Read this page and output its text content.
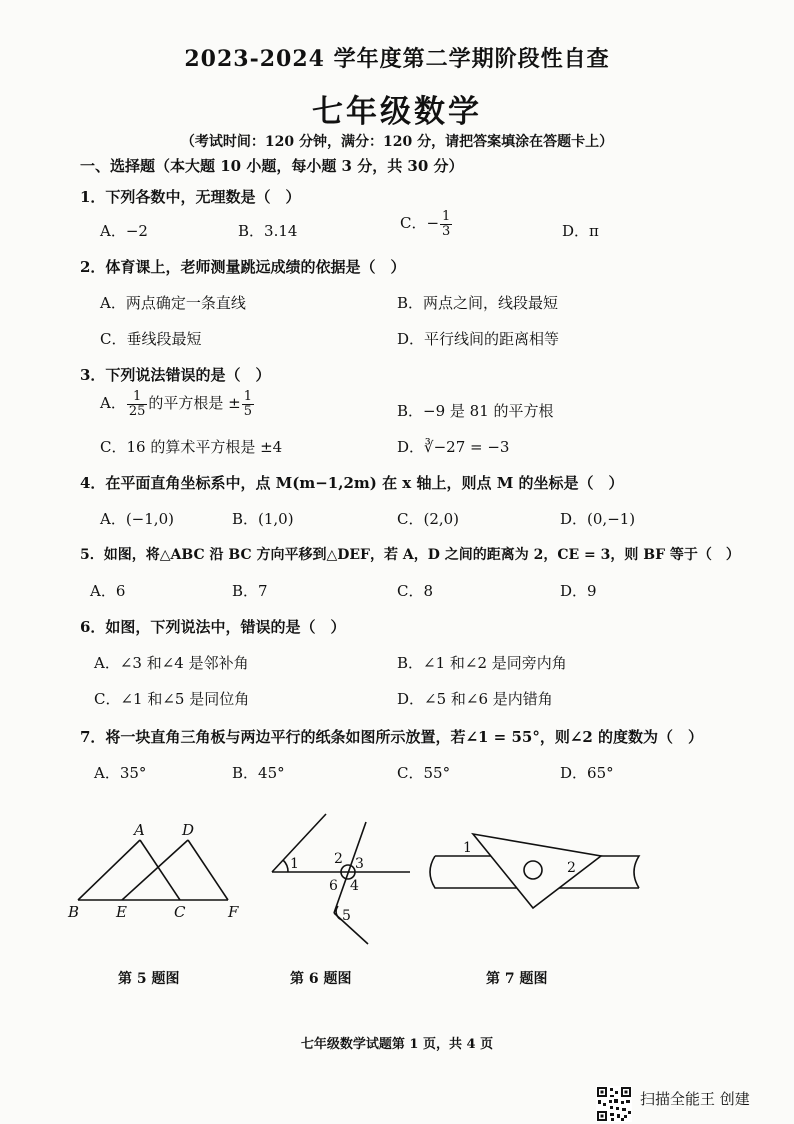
2023-2024 学年度第二学期阶段性自查
七年级数学
（考试时间：120 分钟，满分：120 分，请把答案填涂在答题卡上）
一、选择题（本大题 10 小题，每小题 3 分，共 30 分）
1．下列各数中，无理数是（　）
A．−2	B．3.14	C．− $\frac{1}{3}$	D．π
2．体育课上，老师测量跳远成绩的依据是（　）
A．两点确定一条直线	B．两点之间，线段最短
C．垂线段最短	D．平行线间的距离相等
3．下列说法错误的是（　）
A． $\frac{1}{25}$ 的平方根是 ± $\frac{1}{5}$	B．−9 是 81 的平方根
C．16 的算术平方根是 ±4	D．∛−27 = −3
4．在平面直角坐标系中，点 M(m−1,2m) 在 x 轴上，则点 M 的坐标是（　）
A．(−1,0)	B．(1,0)	C．(2,0)	D．(0,−1)
5．如图，将△ABC 沿 BC 方向平移到△DEF，若 A，D 之间的距离为 2，CE = 3，则 BF 等于（　）
A．6	B．7	C．8	D．9
6．如图，下列说法中，错误的是（　）
A．∠3 和∠4 是邻补角	B．∠1 和∠2 是同旁内角
C．∠1 和∠5 是同位角	D．∠5 和∠6 是内错角
7．将一块直角三角板与两边平行的纸条如图所示放置，若∠1 = 55°，则∠2 的度数为（　）
A．35°	B．45°	C．55°	D．65°
A D
B E	C	F
1	2 3
6 4
5
1
2
第 5 题图	第 6 题图	第 7 题图
七年级数学试题第 1 页，共 4 页
扫描全能王 创建
